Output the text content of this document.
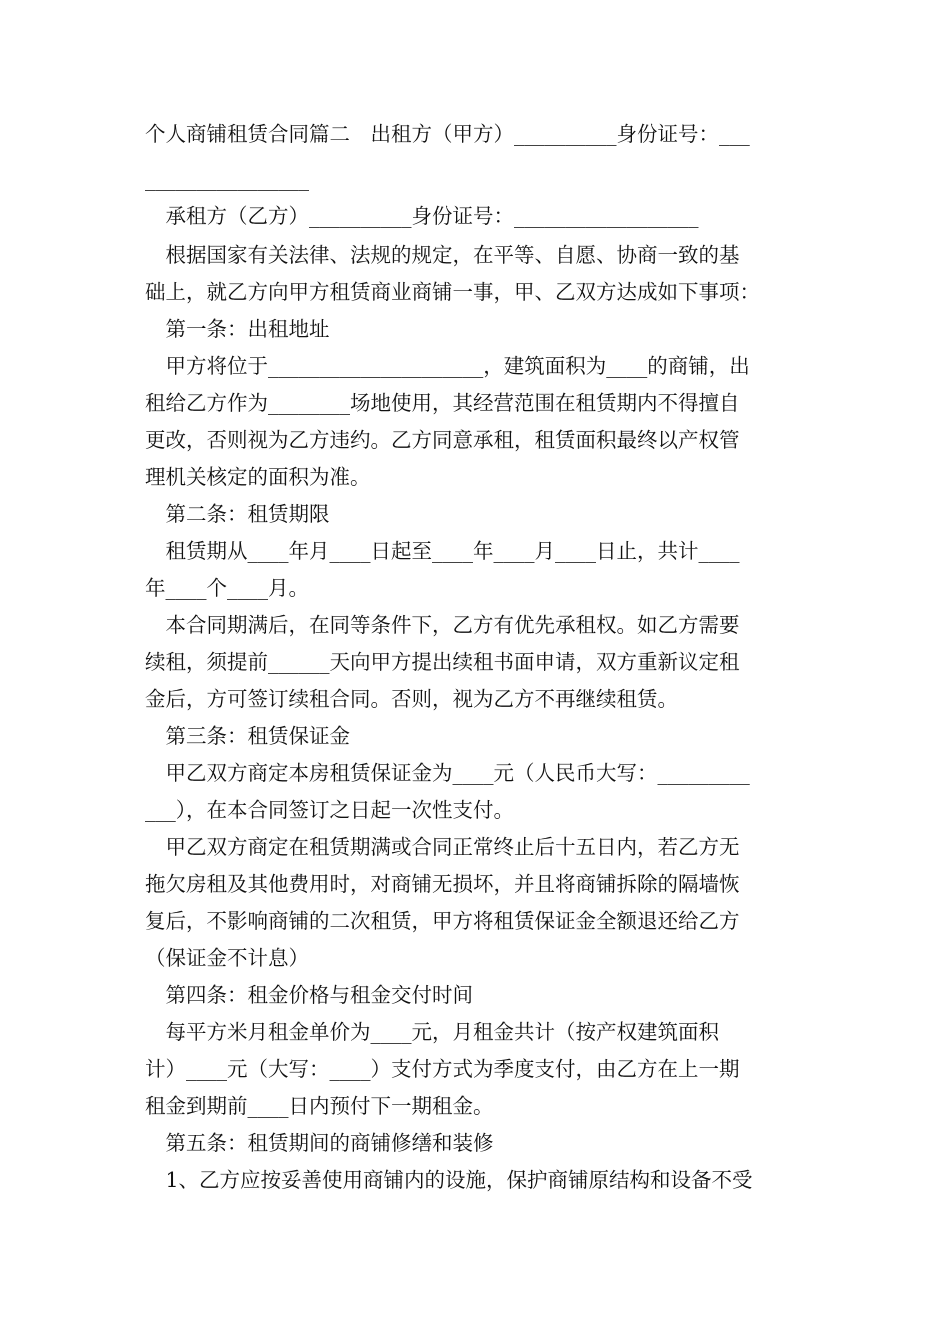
个人商铺租赁合同篇二　出租方（甲方）__________身份证号：___
________________
　承租方（乙方）__________身份证号：__________________
　根据国家有关法律、法规的规定，在平等、自愿、协商一致的基
础上，就乙方向甲方租赁商业商铺一事，甲、乙双方达成如下事项：
　第一条：出租地址
　甲方将位于_____________________，建筑面积为____的商铺，出
租给乙方作为________场地使用，其经营范围在租赁期内不得擅自
更改，否则视为乙方违约。乙方同意承租，租赁面积最终以产权管
理机关核定的面积为准。
　第二条：租赁期限
　租赁期从____年月____日起至____年____月____日止，共计____
年____个____月。
　本合同期满后，在同等条件下，乙方有优先承租权。如乙方需要
续租，须提前______天向甲方提出续租书面申请，双方重新议定租
金后，方可签订续租合同。否则，视为乙方不再继续租赁。
　第三条：租赁保证金
　甲乙双方商定本房租赁保证金为____元（人民币大写：_________
___），在本合同签订之日起一次性支付。
　甲乙双方商定在租赁期满或合同正常终止后十五日内，若乙方无
拖欠房租及其他费用时，对商铺无损坏，并且将商铺拆除的隔墙恢
复后，不影响商铺的二次租赁，甲方将租赁保证金全额退还给乙方
（保证金不计息）
　第四条：租金价格与租金交付时间
　每平方米月租金单价为____元，月租金共计（按产权建筑面积
计）____元（大写：____）支付方式为季度支付，由乙方在上一期
租金到期前____日内预付下一期租金。
　第五条：租赁期间的商铺修缮和装修
　1、乙方应按妥善使用商铺内的设施，保护商铺原结构和设备不受
